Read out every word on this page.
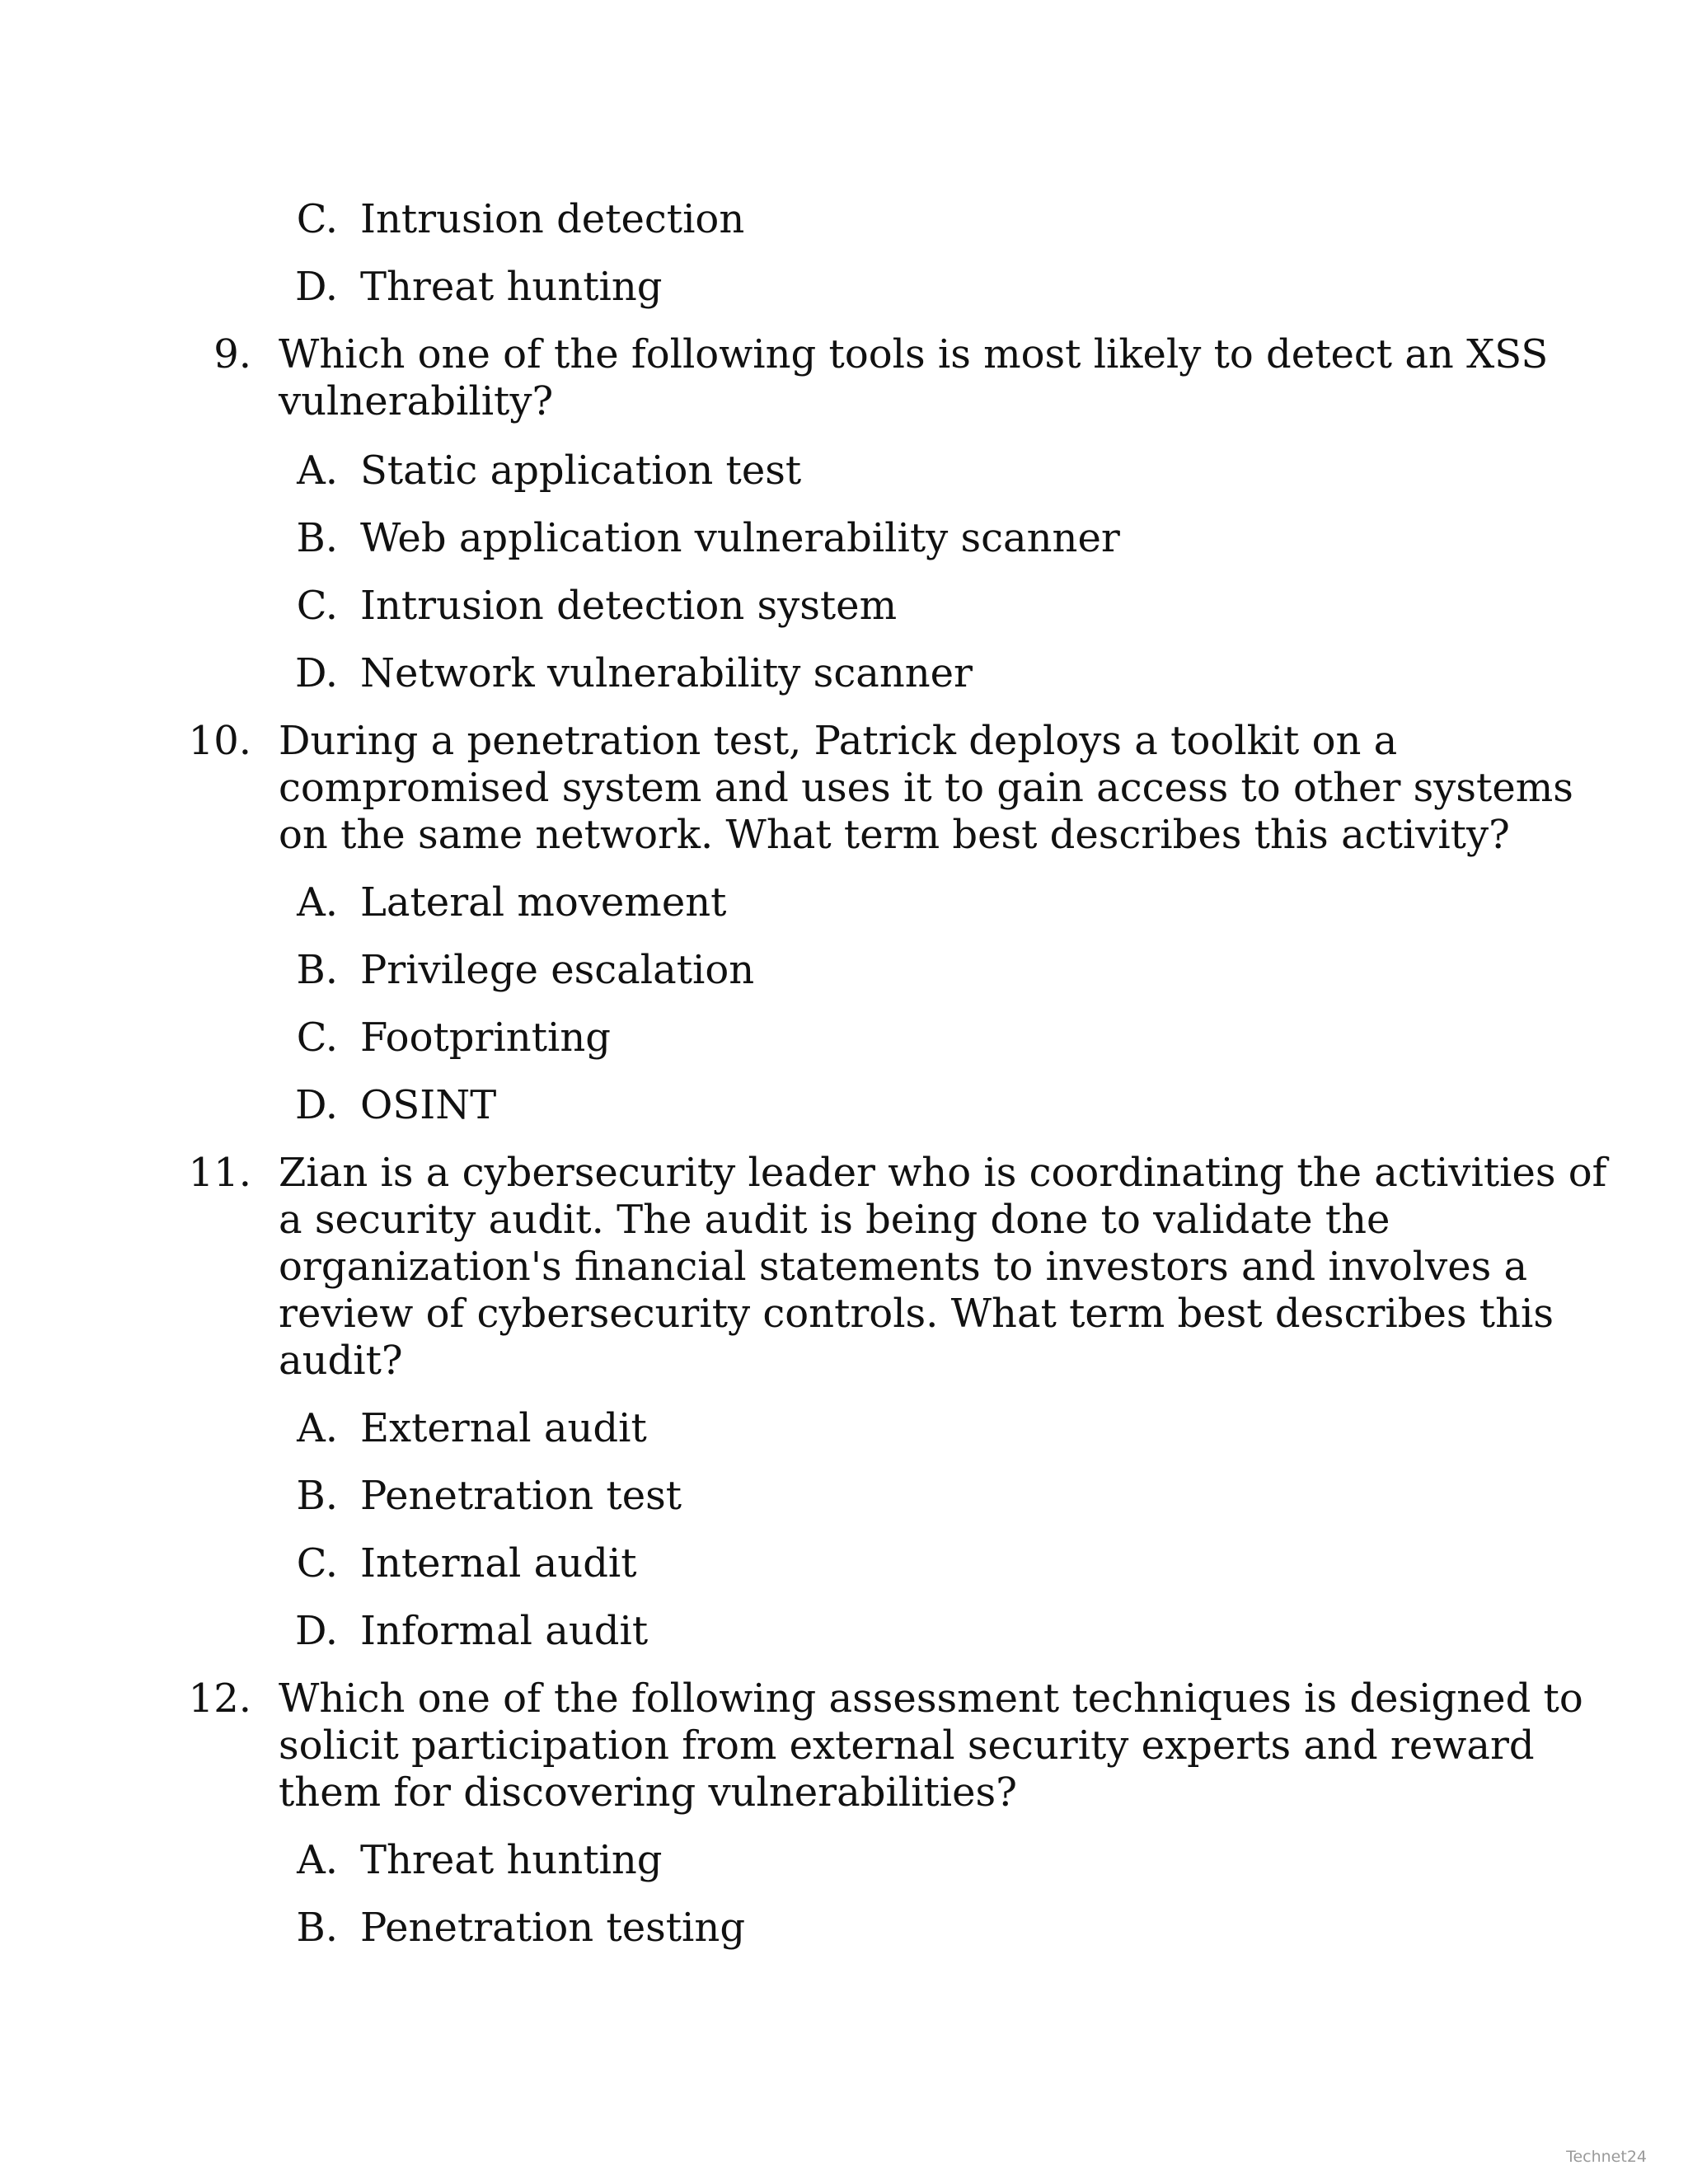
C. Intrusion detection
D. Threat hunting
9. Which one of the following tools is most likely to detect an XSS
vulnerability?
A. Static application test
B. Web application vulnerability scanner
C. Intrusion detection system
D. Network vulnerability scanner
10. During a penetration test, Patrick deploys a toolkit on a
compromised system and uses it to gain access to other systems
on the same network. What term best describes this activity?
A. Lateral movement
B. Privilege escalation
C. Footprinting
D. OSINT
11. Zian is a cybersecurity leader who is coordinating the activities of
a security audit. The audit is being done to validate the
organization's financial statements to investors and involves a
review of cybersecurity controls. What term best describes this
audit?
A. External audit
B. Penetration test
C. Internal audit
D. Informal audit
12. Which one of the following assessment techniques is designed to
solicit participation from external security experts and reward
them for discovering vulnerabilities?
A. Threat hunting
B. Penetration testing
Technet24
